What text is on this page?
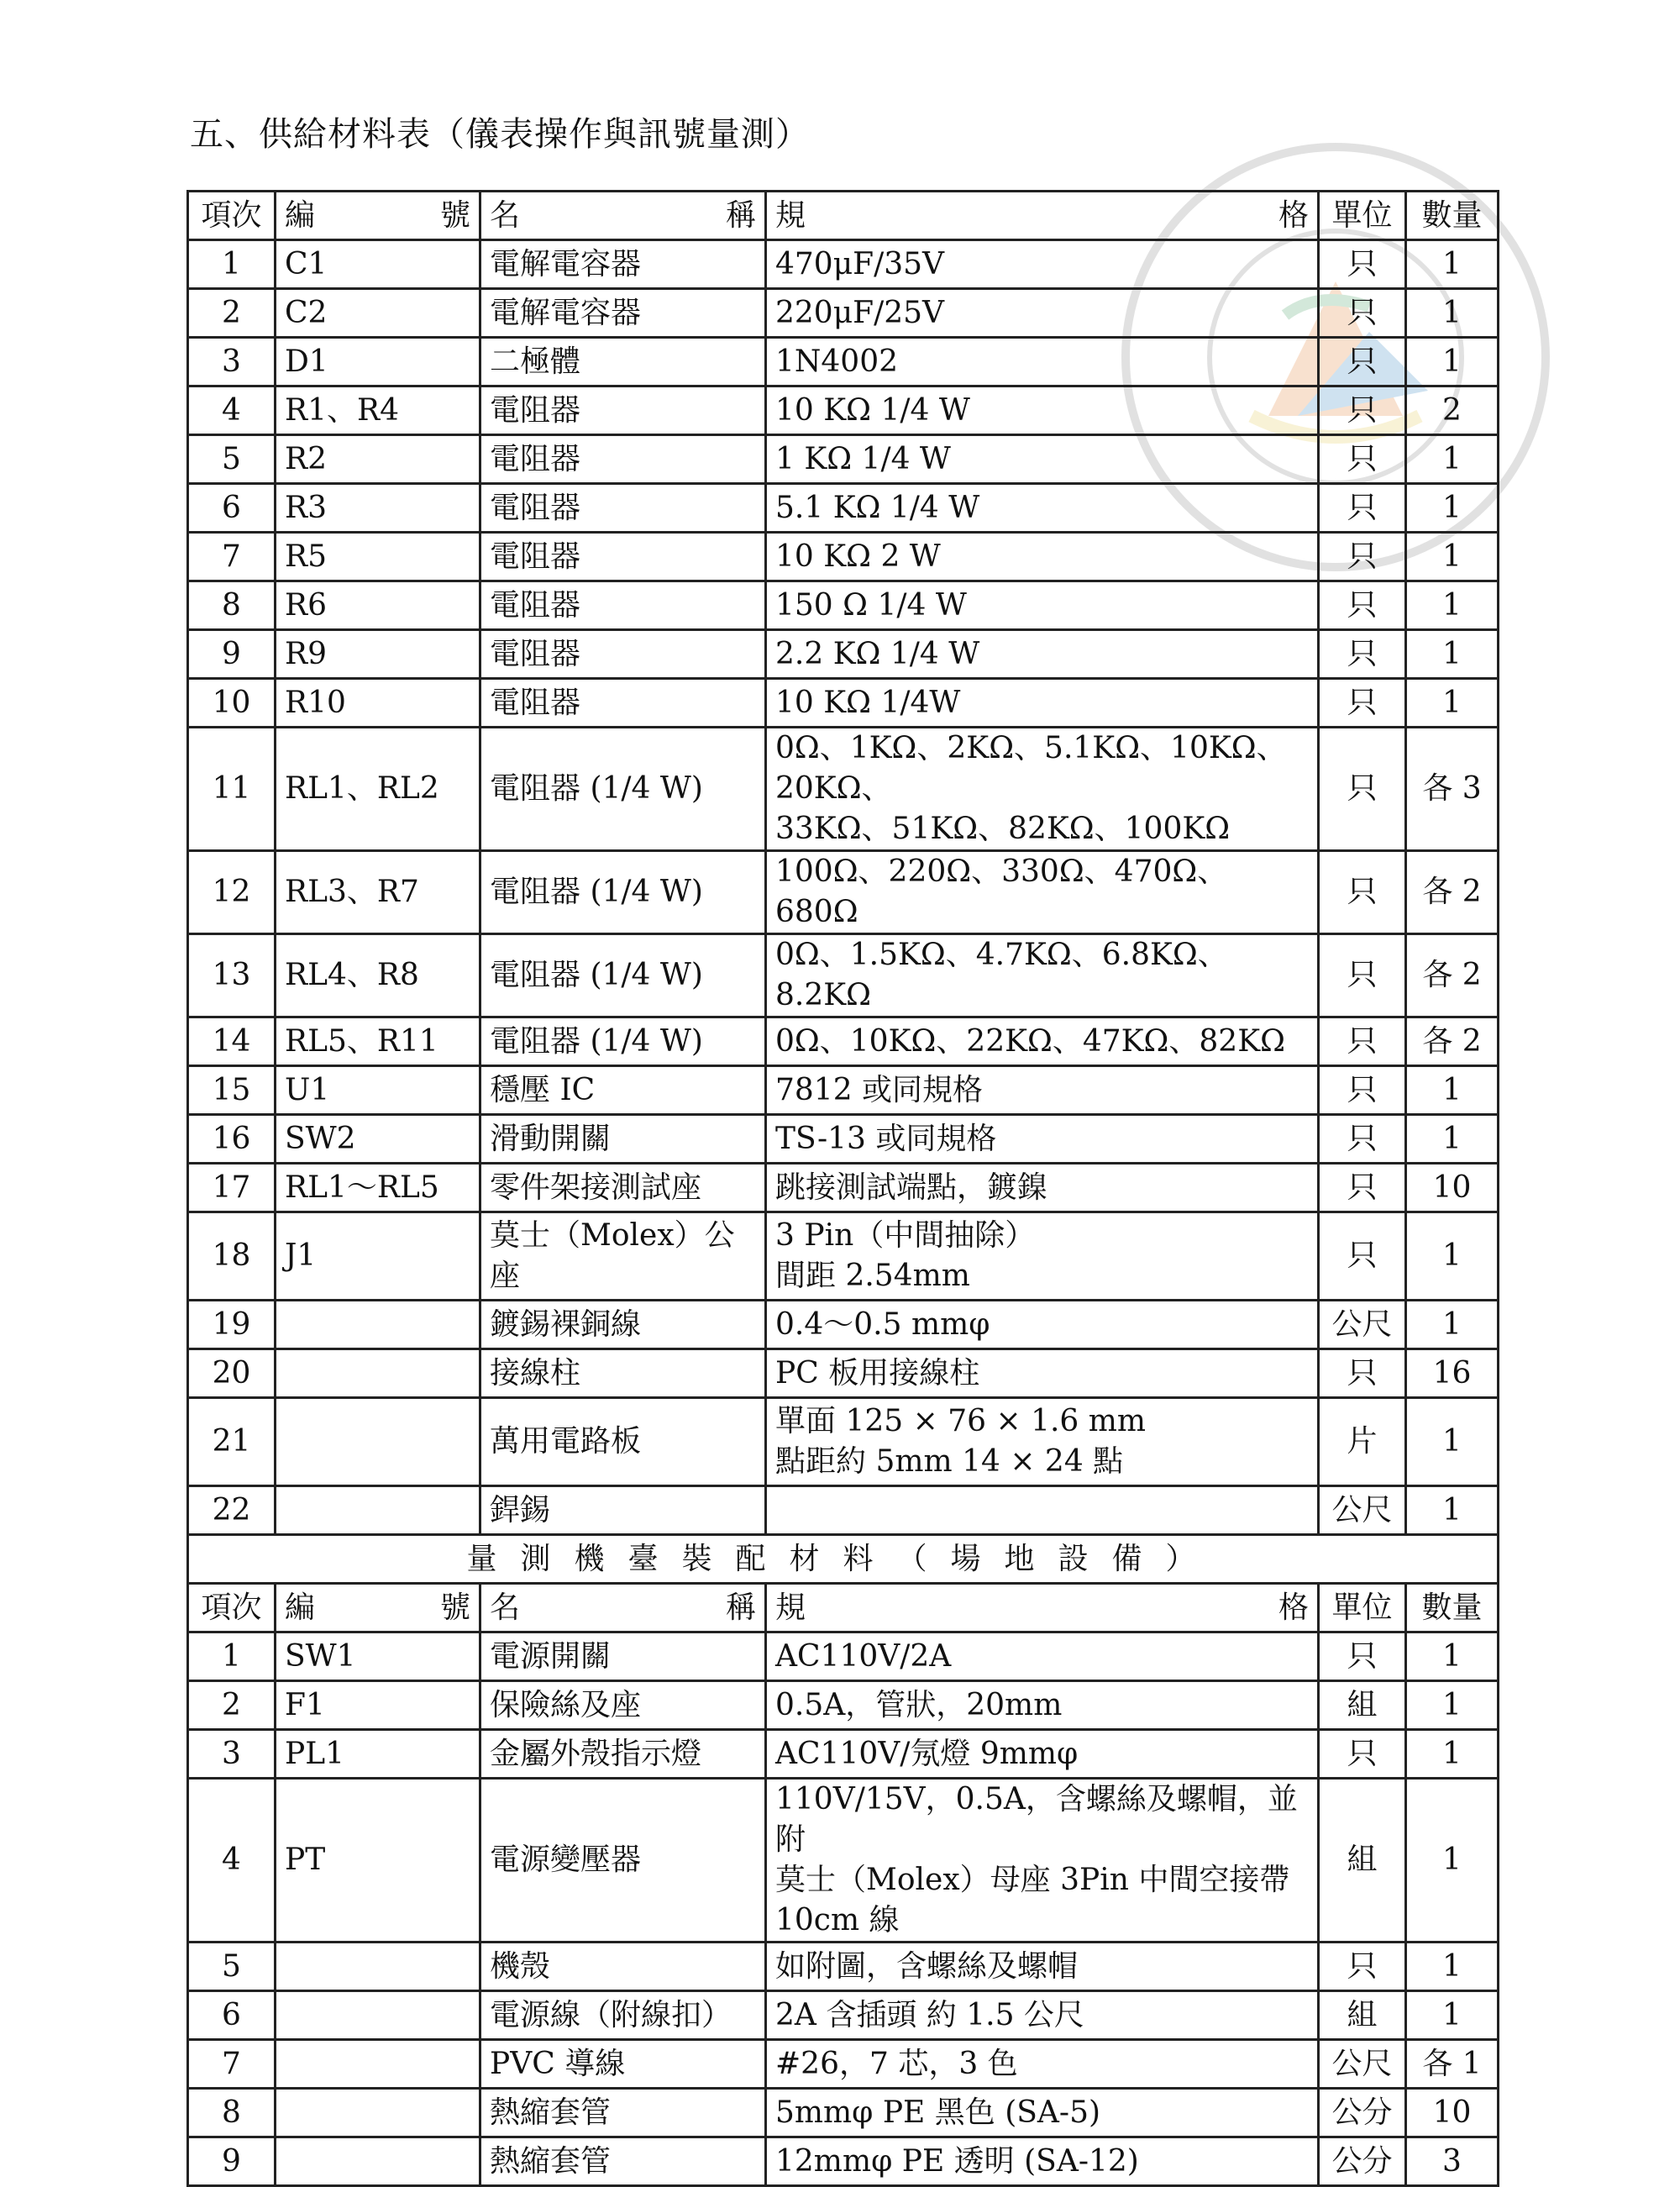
五、供給材料表（儀表操作與訊號量測）
項次	編 號	名 稱	規 格	單位	數量
1	C1	電解電容器	470μF/35V	只	1
2	C2	電解電容器	220μF/25V	只	1
3	D1	二極體	1N4002	只	1
4	R1、R4	電阻器	10 KΩ 1/4 W	只	2
5	R2	電阻器	1 KΩ 1/4 W	只	1
6	R3	電阻器	5.1 KΩ 1/4 W	只	1
7	R5	電阻器	10 KΩ 2 W	只	1
8	R6	電阻器	150 Ω 1/4 W	只	1
9	R9	電阻器	2.2 KΩ 1/4 W	只	1
10	R10	電阻器	10 KΩ 1/4W	只	1
11	RL1、RL2	電阻器 (1/4 W)	0Ω、1KΩ、2KΩ、5.1KΩ、10KΩ、20KΩ、
33KΩ、51KΩ、82KΩ、100KΩ	只	各 3
12	RL3、R7	電阻器 (1/4 W)	100Ω、220Ω、330Ω、470Ω、680Ω	只	各 2
13	RL4、R8	電阻器 (1/4 W)	0Ω、1.5KΩ、4.7KΩ、6.8KΩ、8.2KΩ	只	各 2
14	RL5、R11	電阻器 (1/4 W)	0Ω、10KΩ、22KΩ、47KΩ、82KΩ	只	各 2
15	U1	穩壓 IC	7812 或同規格	只	1
16	SW2	滑動開關	TS-13 或同規格	只	1
17	RL1～RL5	零件架接測試座	跳接測試端點，鍍鎳	只	10
18	J1	莫士（Molex）公座	3 Pin（中間抽除）
間距 2.54mm	只	1
19		鍍錫裸銅線	0.4～0.5 mmφ	公尺	1
20		接線柱	PC 板用接線柱	只	16
21		萬用電路板	單面 125 × 76 × 1.6 mm
點距約 5mm 14 × 24 點	片	1
22		銲錫		公尺	1
量測機臺裝配材料（場地設備）					
項次	編 號	名 稱	規 格	單位	數量
1	SW1	電源開關	AC110V/2A	只	1
2	F1	保險絲及座	0.5A，管狀，20mm	組	1
3	PL1	金屬外殼指示燈	AC110V/氖燈 9mmφ	只	1
4	PT	電源變壓器	110V/15V，0.5A，含螺絲及螺帽，並附
莫士（Molex）母座 3Pin 中間空接帶
10cm 線	組	1
5		機殼	如附圖，含螺絲及螺帽	只	1
6		電源線（附線扣）	2A 含插頭 約 1.5 公尺	組	1
7		PVC 導線	#26，7 芯，3 色	公尺	各 1
8		熱縮套管	5mmφ PE 黑色 (SA-5)	公分	10
9		熱縮套管	12mmφ PE 透明 (SA-12)	公分	3
